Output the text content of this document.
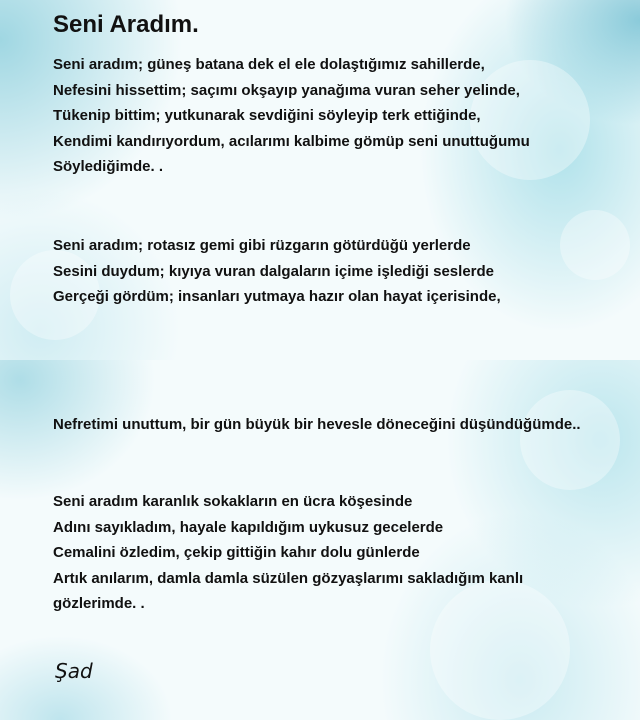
Seni Aradım.
Seni aradım; güneş batana dek el ele dolaştığımız sahillerde,
Nefesini hissettim; saçımı okşayıp yanağıma vuran seher yelinde,
Tükenip bittim; yutkunarak sevdiğini söyleyip terk ettiğinde,
Kendimi kandırıyordum, acılarımı kalbime gömüp seni unuttuğumu
Söylediğimde. .
Seni aradım; rotasız gemi gibi rüzgarın götürdüğü yerlerde
Sesini duydum; kıyıya vuran dalgaların içime işlediği seslerde
Gerçeği gördüm; insanları yutmaya hazır olan hayat içerisinde,
Nefretimi unuttum, bir gün büyük bir hevesle döneceğini düşündüğümde..
Seni aradım karanlık sokakların en ücra köşesinde
Adını sayıkladım, hayale kapıldığım uykusuz gecelerde
Cemalini özledim, çekip gittiğin kahır dolu günlerde
Artık anılarım, damla damla süzülen gözyaşlarımı sakladığım kanlı
gözlerimde. .
Şad
